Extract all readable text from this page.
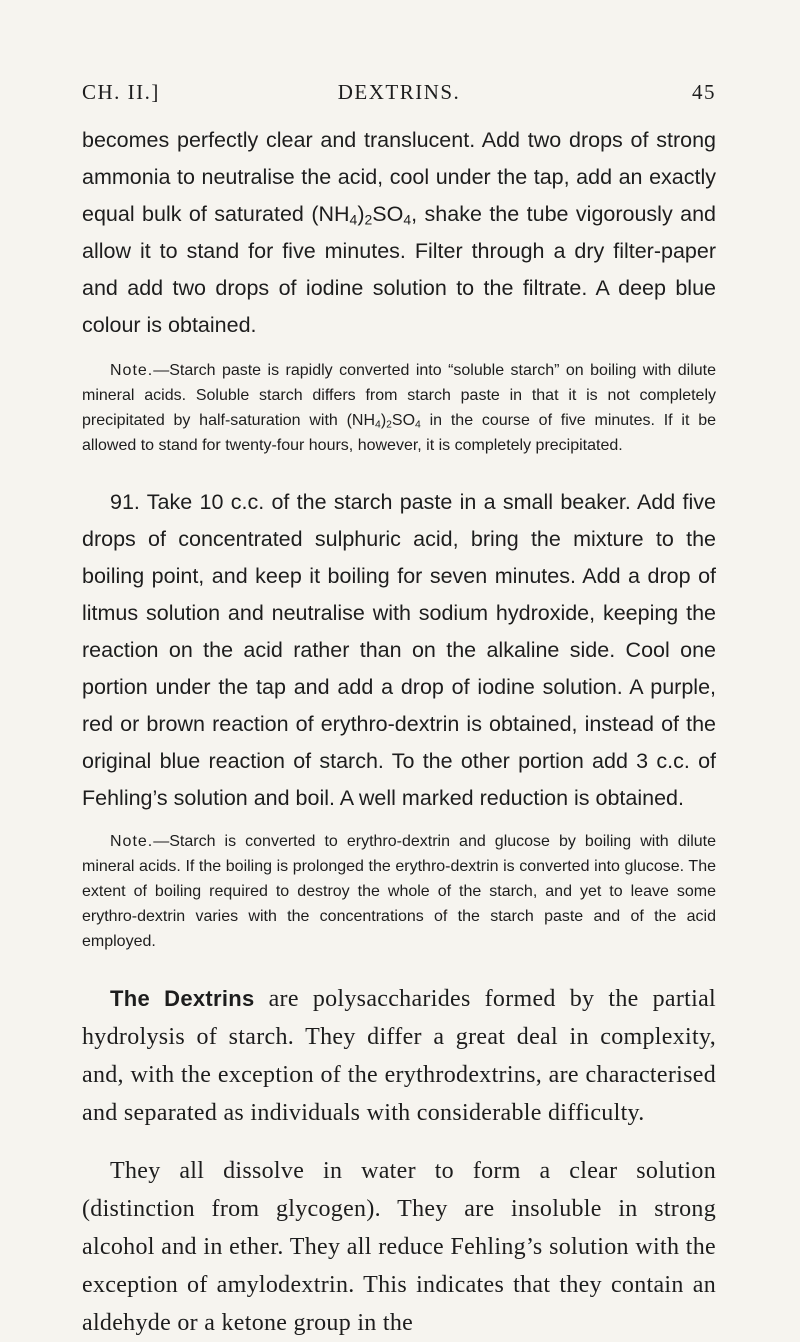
CH. II.]	DEXTRINS.	45

becomes perfectly clear and translucent. Add two drops of strong ammonia to neutralise the acid, cool under the tap, add an exactly equal bulk of saturated $(NH_4)_2SO_4$, shake the tube vigorously and allow it to stand for five minutes. Filter through a dry filter-paper and add two drops of iodine solution to the filtrate. A deep blue colour is obtained.

Note.—Starch paste is rapidly converted into “soluble starch” on boiling with dilute mineral acids. Soluble starch differs from starch paste in that it is not completely precipitated by half-saturation with $(NH_4)_2SO_4$ in the course of five minutes. If it be allowed to stand for twenty-four hours, however, it is completely precipitated.

91. Take 10 c.c. of the starch paste in a small beaker. Add five drops of concentrated sulphuric acid, bring the mixture to the boiling point, and keep it boiling for seven minutes. Add a drop of litmus solution and neutralise with sodium hydroxide, keeping the reaction on the acid rather than on the alkaline side. Cool one portion under the tap and add a drop of iodine solution. A purple, red or brown reaction of erythro-dextrin is obtained, instead of the original blue reaction of starch. To the other portion add 3 c.c. of Fehling’s solution and boil. A well marked reduction is obtained.

Note.—Starch is converted to erythro-dextrin and glucose by boiling with dilute mineral acids. If the boiling is prolonged the erythro-dextrin is converted into glucose. The extent of boiling required to destroy the whole of the starch, and yet to leave some erythro-dextrin varies with the concentrations of the starch paste and of the acid employed.

The Dextrins are polysaccharides formed by the partial hydrolysis of starch. They differ a great deal in complexity, and, with the exception of the erythrodextrins, are characterised and separated as individuals with considerable difficulty.

They all dissolve in water to form a clear solution (distinction from glycogen). They are insoluble in strong alcohol and in ether. They all reduce Fehling’s solution with the exception of amylodextrin. This indicates that they contain an aldehyde or a ketone group in the
